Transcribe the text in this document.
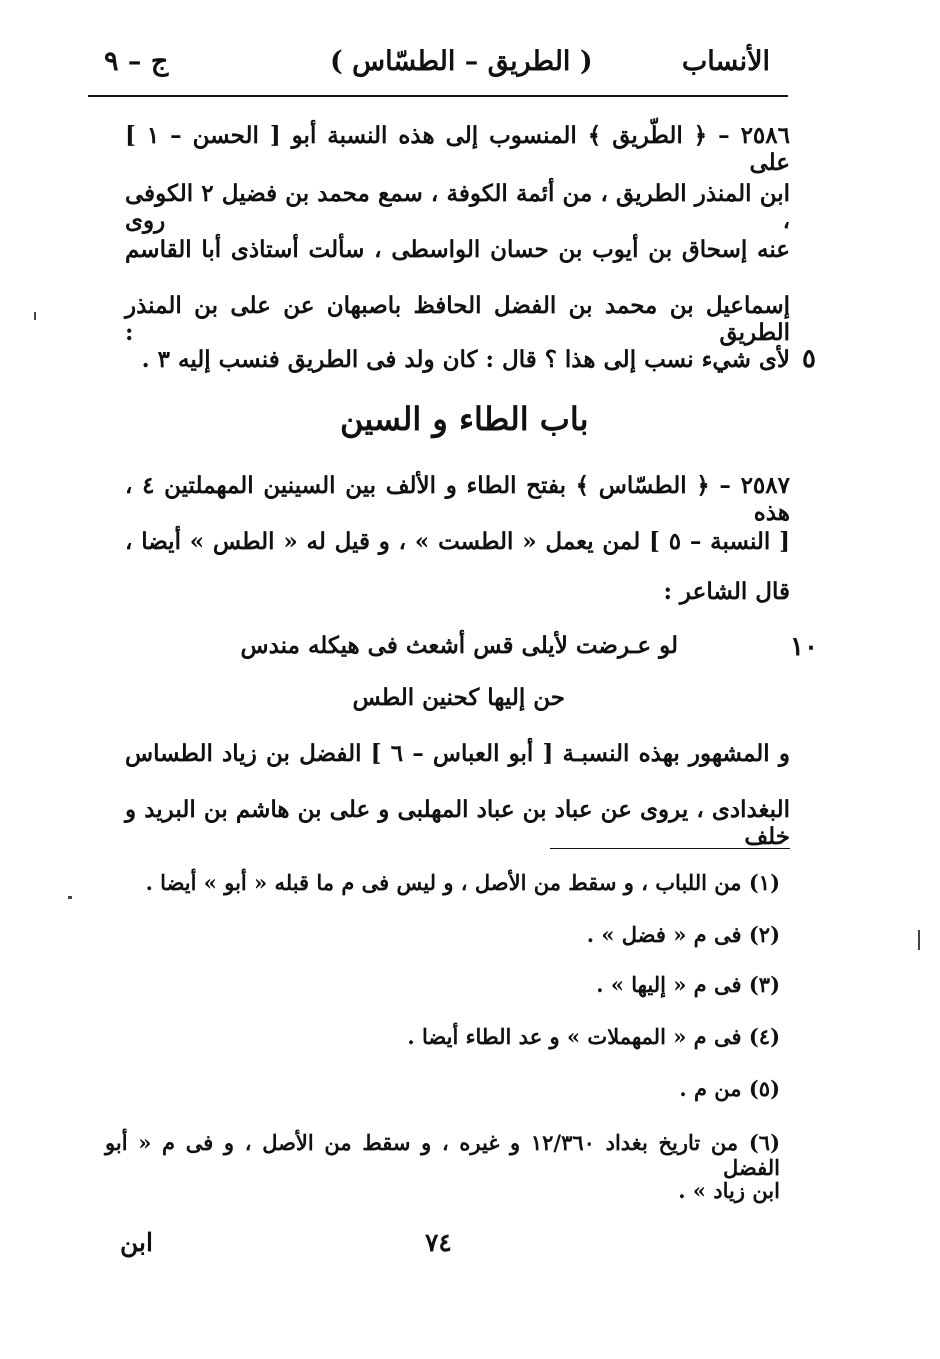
الأنساب
( الطريق – الطسّاس )
ج – ٩
٢٥٨٦ – ﴿ الطّريق ﴾ المنسوب إلى هذه النسبة أبو [ الحسن – ١ ] على
ابن المنذر الطريق ، من أئمة الكوفة ، سمع محمد بن فضيل ٢ الكوفى ، روى
عنه إسحاق بن أيوب بن حسان الواسطى ، سألت أستاذى أبا القاسم
إسماعيل بن محمد بن الفضل الحافظ باصبهان عن على بن المنذر الطريق :
لأى شيء نسب إلى هذا ؟ قال : كان ولد فى الطريق فنسب إليه ٣ . ٥
باب الطاء و السين
٢٥٨٧ – ﴿ الطسّاس ﴾ بفتح الطاء و الألف بين السينين المهملتين ٤ ، هذه
[ النسبة – ٥ ] لمن يعمل « الطست » ، و قيل له « الطس » أيضا ،
قال الشاعر :
١٠
لو عـرضت لأيلى قس أشعث فى هيكله مندس
حن إليها كحنين الطس
و المشهور بهذه النسبـة [ أبو العباس – ٦ ] الفضل بن زياد الطساس
البغدادى ، يروى عن عباد بن عباد المهلبى و على بن هاشم بن البريد و خلف
(١) من اللباب ، و سقط من الأصل ، و ليس فى م ما قبله « أبو » أيضا .
(٢) فى م « فضل » .
(٣) فى م « إليها » .
(٤) فى م « المهملات » و عد الطاء أيضا .
(٥) من م .
(٦) من تاريخ بغداد ١٢/٣٦٠ و غيره ، و سقط من الأصل ، و فى م « أبو الفضل
ابن زياد » .
٧٤
ابن
